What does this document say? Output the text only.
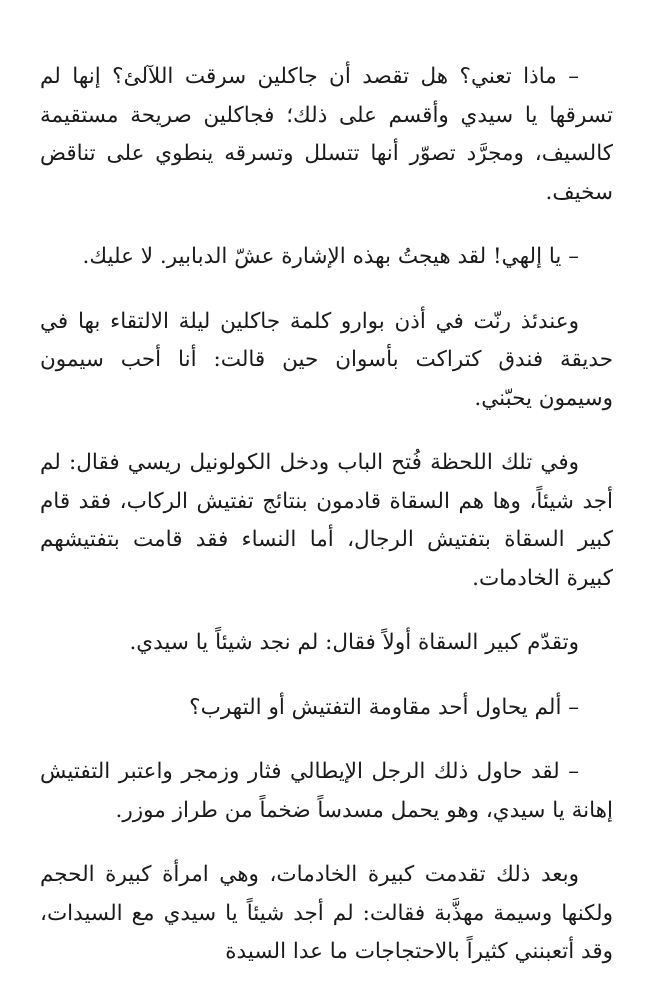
– ماذا تعني؟ هل تقصد أن جاكلين سرقت اللآلئ؟ إنها لم تسرقها يا سيدي وأقسم على ذلك؛ فجاكلين صريحة مستقيمة كالسيف، ومجرَّد تصوّر أنها تتسلل وتسرقه ينطوي على تناقض سخيف.

– يا إلهي! لقد هيجتُ بهذه الإشارة عشّ الدبابير. لا عليك.

وعندئذ رنّت في أذن بوارو كلمة جاكلين ليلة الالتقاء بها في حديقة فندق كتراكت بأسوان حين قالت: أنا أحب سيمون وسيمون يحبّني.

وفي تلك اللحظة فُتح الباب ودخل الكولونيل ريسي فقال: لم أجد شيئاً، وها هم السقاة قادمون بنتائج تفتيش الركاب، فقد قام كبير السقاة بتفتيش الرجال، أما النساء فقد قامت بتفتيشهم كبيرة الخادمات.

وتقدّم كبير السقاة أولاً فقال: لم نجد شيئاً يا سيدي.

– ألم يحاول أحد مقاومة التفتيش أو التهرب؟

– لقد حاول ذلك الرجل الإيطالي فثار وزمجر واعتبر التفتيش إهانة يا سيدي، وهو يحمل مسدساً ضخماً من طراز موزر.

وبعد ذلك تقدمت كبيرة الخادمات، وهي امرأة كبيرة الحجم ولكنها وسيمة مهذَّبة فقالت: لم أجد شيئاً يا سيدي مع السيدات، وقد أتعبنني كثيراً بالاحتجاجات ما عدا السيدة
